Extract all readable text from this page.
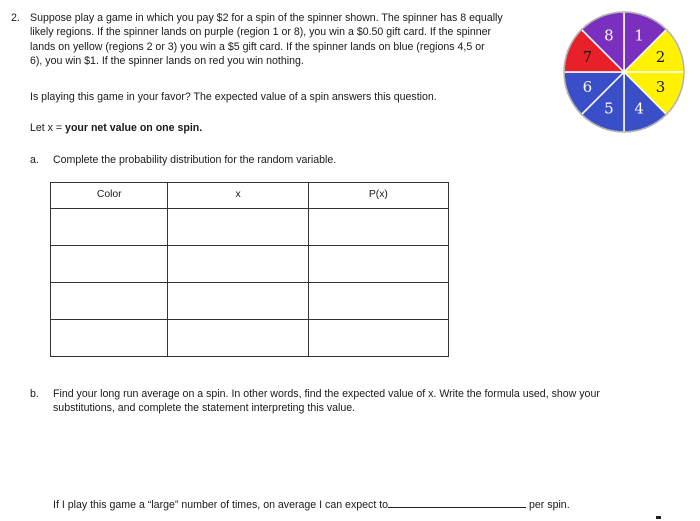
2. Suppose play a game in which you pay $2 for a spin of the spinner shown. The spinner has 8 equally
likely regions. If the spinner lands on purple (region 1 or 8), you win a $0.50 gift card. If the spinner
lands on yellow (regions 2 or 3) you win a $5 gift card. If the spinner lands on blue (regions 4,5 or
6), you win $1. If the spinner lands on red you win nothing.
Is playing this game in your favor? The expected value of a spin answers this question.
Let x = your net value on one spin.
a. Complete the probability distribution for the random variable.
Color	x	P(x)

b. Find your long run average on a spin. In other words, find the expected value of x. Write the formula used, show your
substitutions, and complete the statement interpreting this value.
If I play this game a “large” number of times, on average I can expect to	per spin.
1
2
3
4
5
6
7
8
